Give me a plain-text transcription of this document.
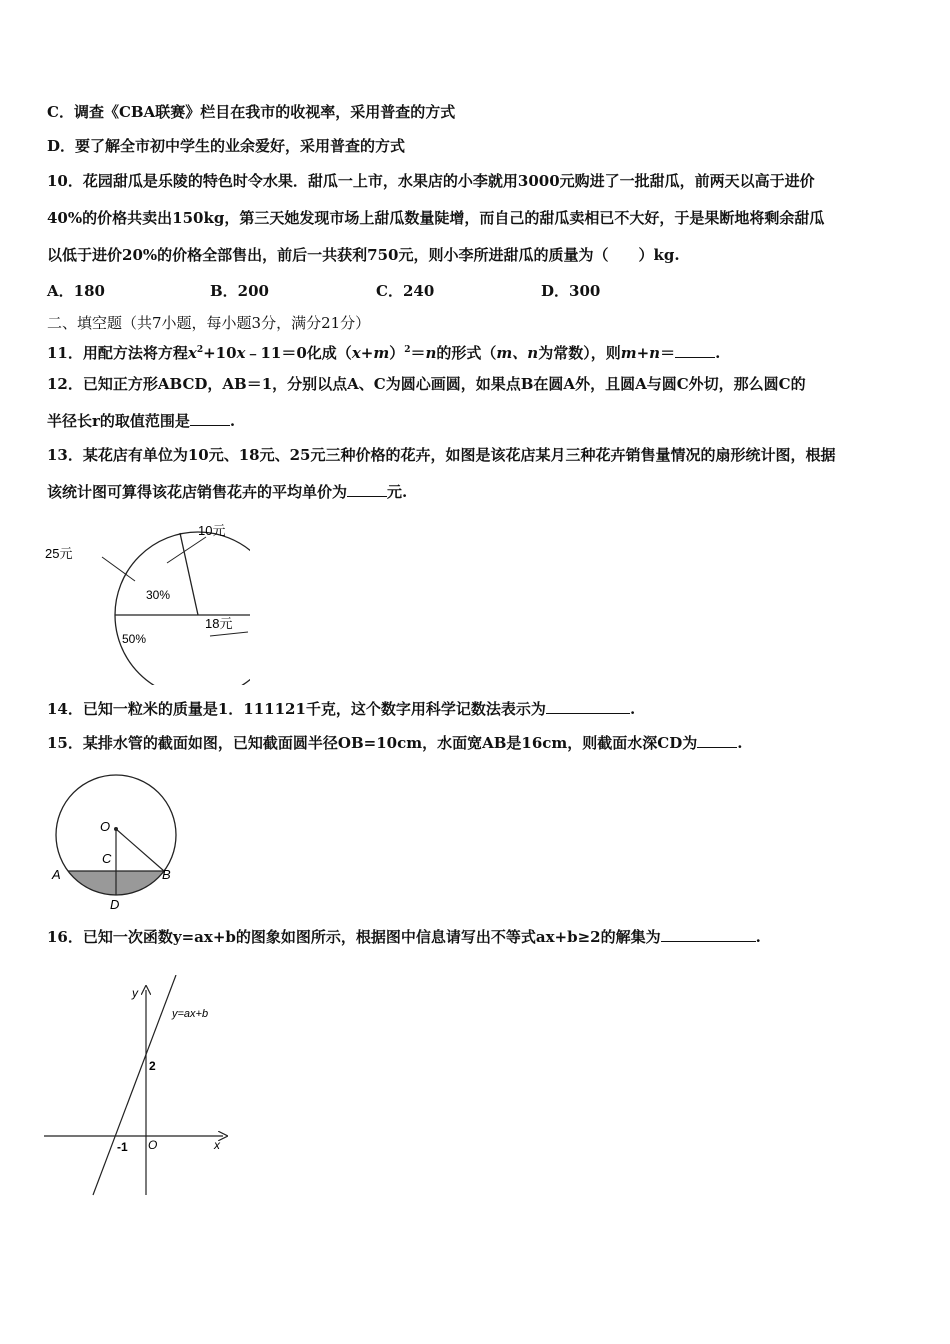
C．调查《CBA联赛》栏目在我市的收视率，采用普查的方式
D．要了解全市初中学生的业余爱好，采用普查的方式
10．花园甜瓜是乐陵的特色时令水果．甜瓜一上市，水果店的小李就用3000元购进了一批甜瓜，前两天以高于进价
40%的价格共卖出150kg，第三天她发现市场上甜瓜数量陡增，而自己的甜瓜卖相已不大好，于是果断地将剩余甜瓜
以低于进价20%的价格全部售出，前后一共获利750元，则小李所进甜瓜的质量为（　　）kg.
A．180	B．200	C．240	D．300
二、填空题（共7小题，每小题3分，满分21分）
11．用配方法将方程$x^2+10x﹣11=0$化成$(x+m)^2=n$的形式（m、n为常数），则m+n＝	.
12．已知正方形ABCD，AB＝1，分别以点A、C为圆心画圆，如果点B在圆A外，且圆A与圆C外切，那么圆C的
半径长r的取值范围是	.
13．某花店有单位为10元、18元、25元三种价格的花卉，如图是该花店某月三种花卉销售量情况的扇形统计图，根据
该统计图可算得该花店销售花卉的平均单价为	元.
10元
25元
18元
30%
50%
14．已知一粒米的质量是1．111121千克，这个数字用科学记数法表示为	.
15．某排水管的截面如图，已知截面圆半径OB=10cm，水面宽AB是16cm，则截面水深CD为	.
O
C
A	B
D
16．已知一次函数y=ax+b的图象如图所示，根据图中信息请写出不等式ax+b≥2的解集为	.
y
x
O
2
-1
y=ax+b
